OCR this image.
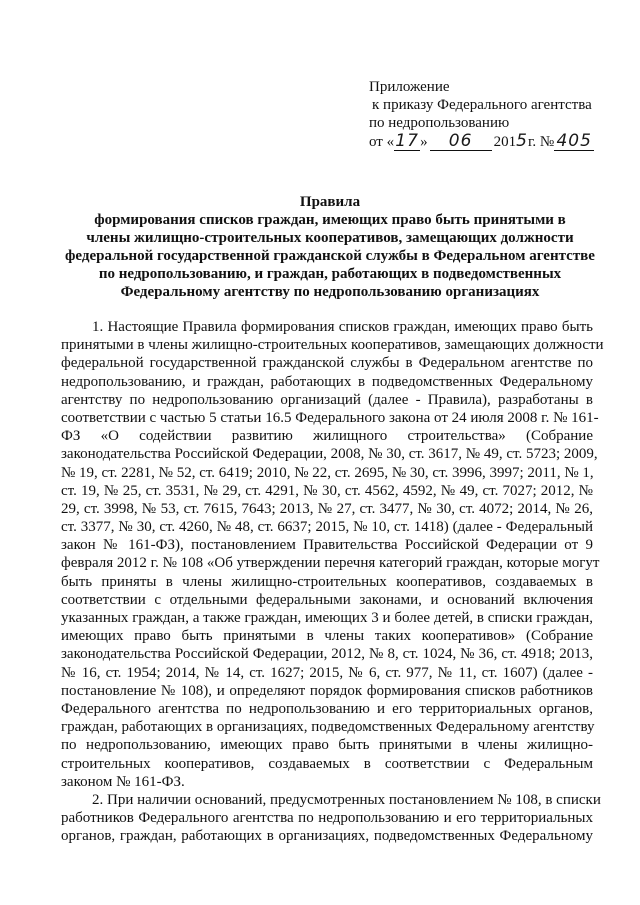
Приложение
к приказу Федерального агентства
по недропользованию
от «17» 06 2015г. № 405
Правила
формирования списков граждан, имеющих право быть принятыми в
члены жилищно-строительных кооперативов, замещающих должности
федеральной государственной гражданской службы в Федеральном агентстве
по недропользованию, и граждан, работающих в подведомственных
Федеральному агентству по недропользованию организациях
1. Настоящие Правила формирования списков граждан, имеющих право быть
принятыми в члены жилищно-строительных кооперативов, замещающих должности
федеральной государственной гражданской службы в Федеральном агентстве по
недропользованию, и граждан, работающих в подведомственных Федеральному
агентству по недропользованию организаций (далее - Правила), разработаны в
соответствии с частью 5 статьи 16.5 Федерального закона от 24 июля 2008 г. № 161-
ФЗ «О содействии развитию жилищного строительства» (Собрание
законодательства Российской Федерации, 2008, № 30, ст. 3617, № 49, ст. 5723; 2009,
№ 19, ст. 2281, № 52, ст. 6419; 2010, № 22, ст. 2695, № 30, ст. 3996, 3997; 2011, № 1,
ст. 19, № 25, ст. 3531, № 29, ст. 4291, № 30, ст. 4562, 4592, № 49, ст. 7027; 2012, №
29, ст. 3998, № 53, ст. 7615, 7643; 2013, № 27, ст. 3477, № 30, ст. 4072; 2014, № 26,
ст. 3377, № 30, ст. 4260, № 48, ст. 6637; 2015, № 10, ст. 1418) (далее - Федеральный
закон № 161-ФЗ), постановлением Правительства Российской Федерации от 9
февраля 2012 г. № 108 «Об утверждении перечня категорий граждан, которые могут
быть приняты в члены жилищно-строительных кооперативов, создаваемых в
соответствии с отдельными федеральными законами, и оснований включения
указанных граждан, а также граждан, имеющих 3 и более детей, в списки граждан,
имеющих право быть принятыми в члены таких кооперативов» (Собрание
законодательства Российской Федерации, 2012, № 8, ст. 1024, № 36, ст. 4918; 2013,
№ 16, ст. 1954; 2014, № 14, ст. 1627; 2015, № 6, ст. 977, № 11, ст. 1607) (далее -
постановление № 108), и определяют порядок формирования списков работников
Федерального агентства по недропользованию и его территориальных органов,
граждан, работающих в организациях, подведомственных Федеральному агентству
по недропользованию, имеющих право быть принятыми в члены жилищно-
строительных кооперативов, создаваемых в соответствии с Федеральным
законом № 161-ФЗ.
2. При наличии оснований, предусмотренных постановлением № 108, в списки
работников Федерального агентства по недропользованию и его территориальных
органов, граждан, работающих в организациях, подведомственных Федеральному
